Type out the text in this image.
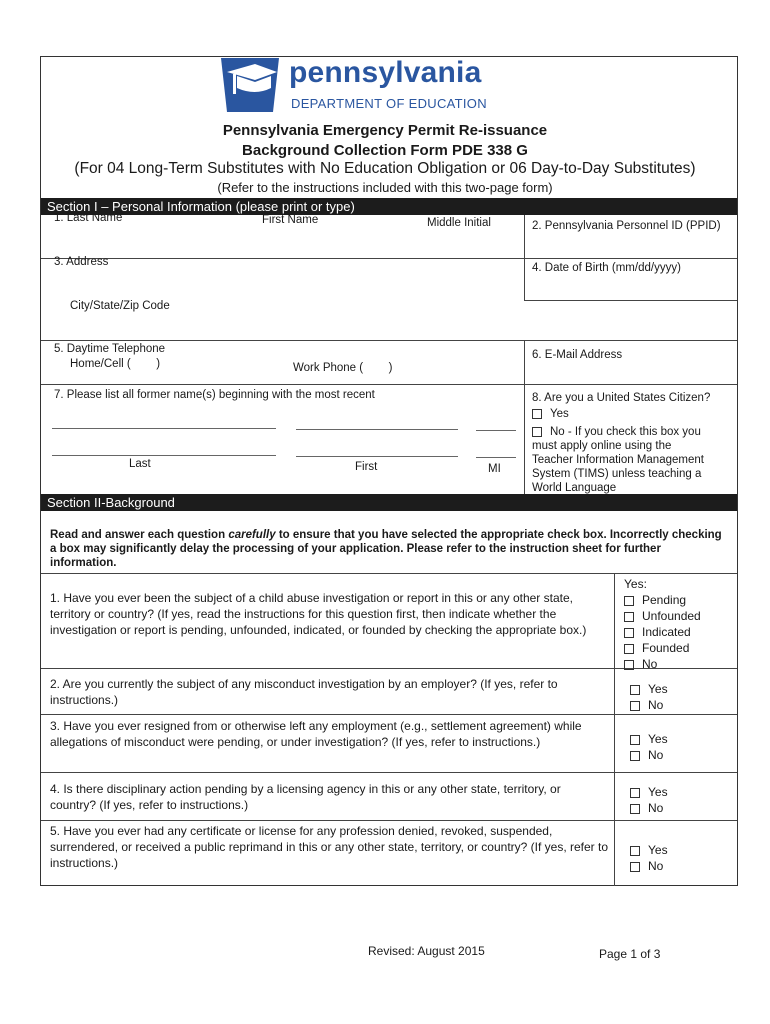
pennsylvania
DEPARTMENT OF EDUCATION
Pennsylvania Emergency Permit Re-issuance
Background Collection Form PDE 338 G
(For 04 Long-Term Substitutes with No Education Obligation or 06 Day-to-Day Substitutes)
(Refer to the instructions included with this two-page form)
Section I – Personal Information (please print or type)
1. Last Name	First Name	Middle Initial	2. Pennsylvania Personnel ID (PPID)
3. Address	4. Date of Birth (mm/dd/yyyy)
City/State/Zip Code
5. Daytime Telephone
Home/Cell (        )	Work Phone (        )
6. E-Mail Address
7. Please list all former name(s) beginning with the most recent
Last	First	MI
8. Are you a United States Citizen?
Yes
No - If you check this box you
must apply online using the
Teacher Information Management
System (TIMS) unless teaching a
World Language
Section II-Background
Read and answer each question carefully to ensure that you have selected the appropriate check box. Incorrectly checking a box may significantly delay the processing of your application. Please refer to the instruction sheet for further information.
1. Have you ever been the subject of a child abuse investigation or report in this or any other state, territory or country? (If yes, read the instructions for this question first, then indicate whether the investigation or report is pending, unfounded, indicated, or founded by checking the appropriate box.)
Yes:
Pending
Unfounded
Indicated
Founded
No
2. Are you currently the subject of any misconduct investigation by an employer? (If yes, refer to instructions.)
Yes
No
3. Have you ever resigned from or otherwise left any employment (e.g., settlement agreement) while allegations of misconduct were pending, or under investigation? (If yes, refer to instructions.)	Yes
No
4. Is there disciplinary action pending by a licensing agency in this or any other state, territory, or country? (If yes, refer to instructions.)
Yes
No
5. Have you ever had any certificate or license for any profession denied, revoked, suspended, surrendered, or received a public reprimand in this or any other state, territory, or country? (If yes, refer to instructions.)
Yes
No
Revised: August 2015	Page 1 of 3
